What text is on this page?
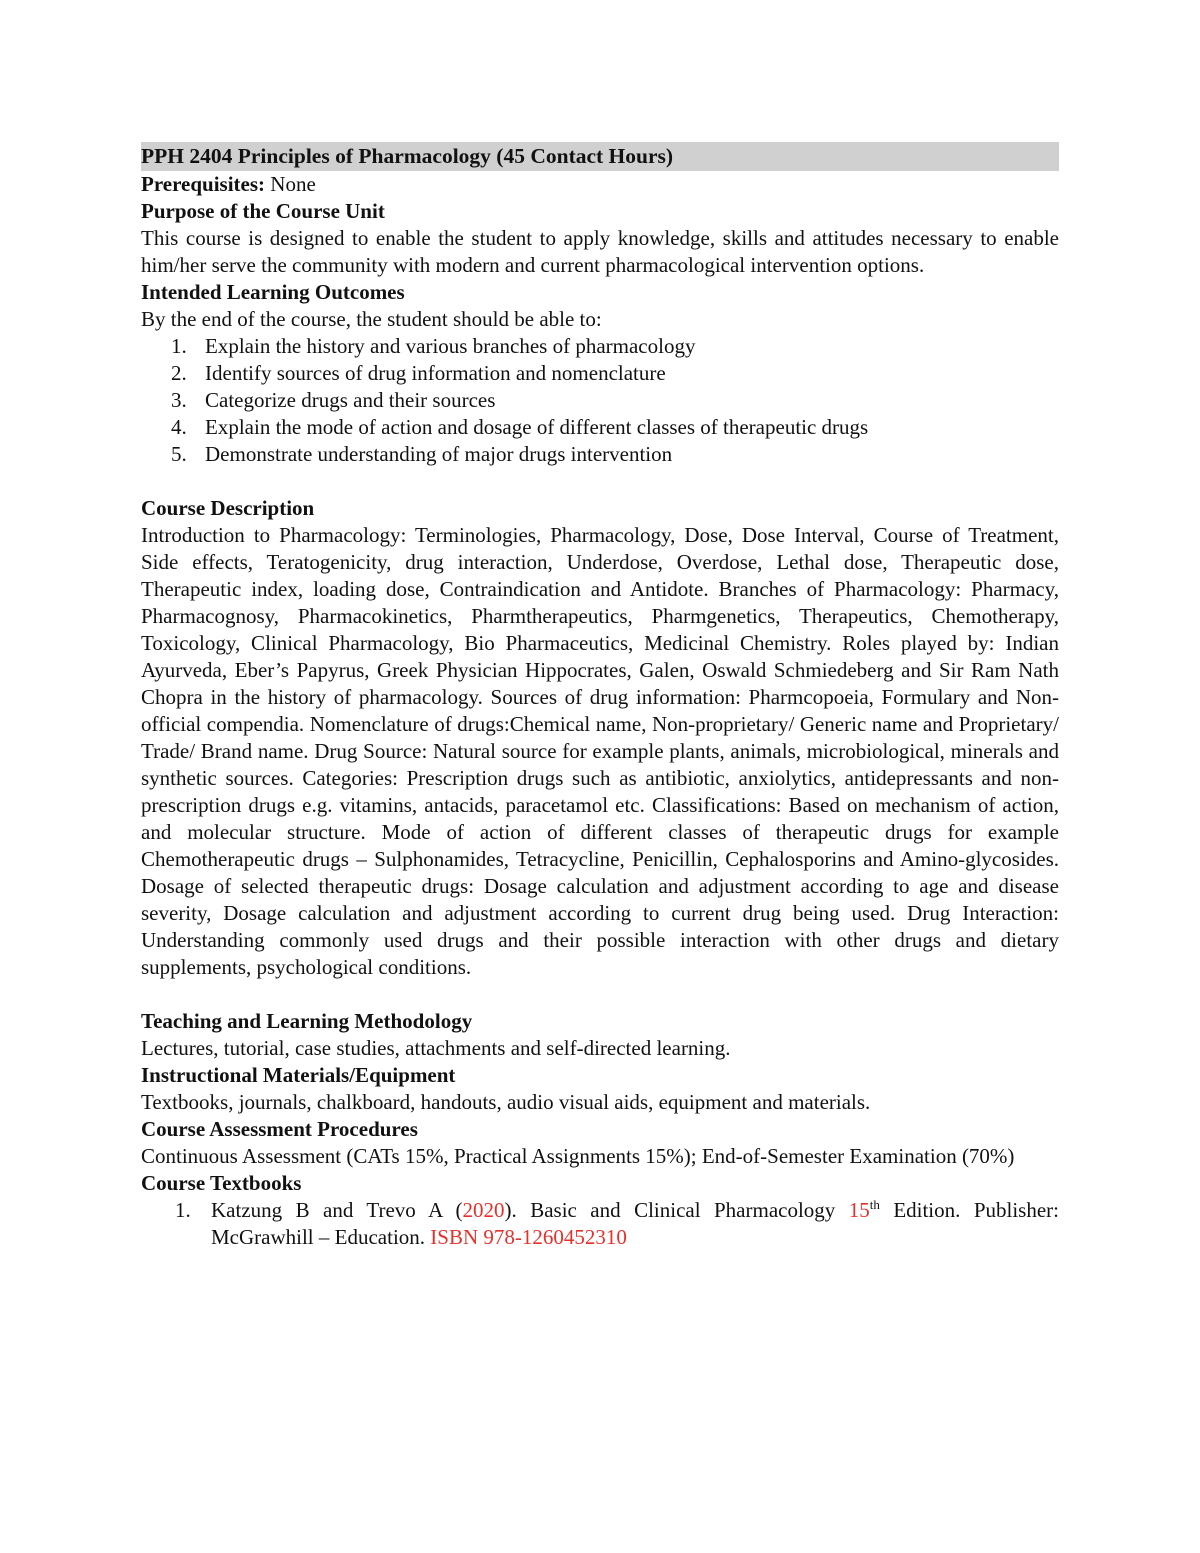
PPH 2404 Principles of Pharmacology (45 Contact Hours)
Prerequisites: None
Purpose of the Course Unit
This course is designed to enable the student to apply knowledge, skills and attitudes necessary to enable him/her serve the community with modern and current pharmacological intervention options.
Intended Learning Outcomes
By the end of the course, the student should be able to:
1. Explain the history and various branches of pharmacology
2. Identify sources of drug information and nomenclature
3. Categorize drugs and their sources
4. Explain the mode of action and dosage of different classes of therapeutic drugs
5. Demonstrate understanding of major drugs intervention
Course Description
Introduction to Pharmacology: Terminologies, Pharmacology, Dose, Dose Interval, Course of Treatment, Side effects, Teratogenicity, drug interaction, Underdose, Overdose, Lethal dose, Therapeutic dose, Therapeutic index, loading dose, Contraindication and Antidote. Branches of Pharmacology: Pharmacy, Pharmacognosy, Pharmacokinetics, Pharmtherapeutics, Pharmgenetics, Therapeutics, Chemotherapy, Toxicology, Clinical Pharmacology, Bio Pharmaceutics, Medicinal Chemistry. Roles played by: Indian Ayurveda, Eber’s Papyrus, Greek Physician Hippocrates, Galen, Oswald Schmiedeberg and Sir Ram Nath Chopra in the history of pharmacology. Sources of drug information: Pharmcopoeia, Formulary and Non-official compendia. Nomenclature of drugs:Chemical name, Non-proprietary/ Generic name and Proprietary/ Trade/ Brand name. Drug Source: Natural source for example plants, animals, microbiological, minerals and synthetic sources. Categories: Prescription drugs such as antibiotic, anxiolytics, antidepressants and non-prescription drugs e.g. vitamins, antacids, paracetamol etc. Classifications: Based on mechanism of action, and molecular structure. Mode of action of different classes of therapeutic drugs for example Chemotherapeutic drugs – Sulphonamides, Tetracycline, Penicillin, Cephalosporins and Amino-glycosides. Dosage of selected therapeutic drugs: Dosage calculation and adjustment according to age and disease severity, Dosage calculation and adjustment according to current drug being used. Drug Interaction: Understanding commonly used drugs and their possible interaction with other drugs and dietary supplements, psychological conditions.
Teaching and Learning Methodology
Lectures, tutorial, case studies, attachments and self-directed learning.
Instructional Materials/Equipment
Textbooks, journals, chalkboard, handouts, audio visual aids, equipment and materials.
Course Assessment Procedures
Continuous Assessment (CATs 15%, Practical Assignments 15%); End-of-Semester Examination (70%)
Course Textbooks
1. Katzung B and Trevo A (2020). Basic and Clinical Pharmacology 15th Edition. Publisher: McGrawhill – Education. ISBN 978-1260452310
